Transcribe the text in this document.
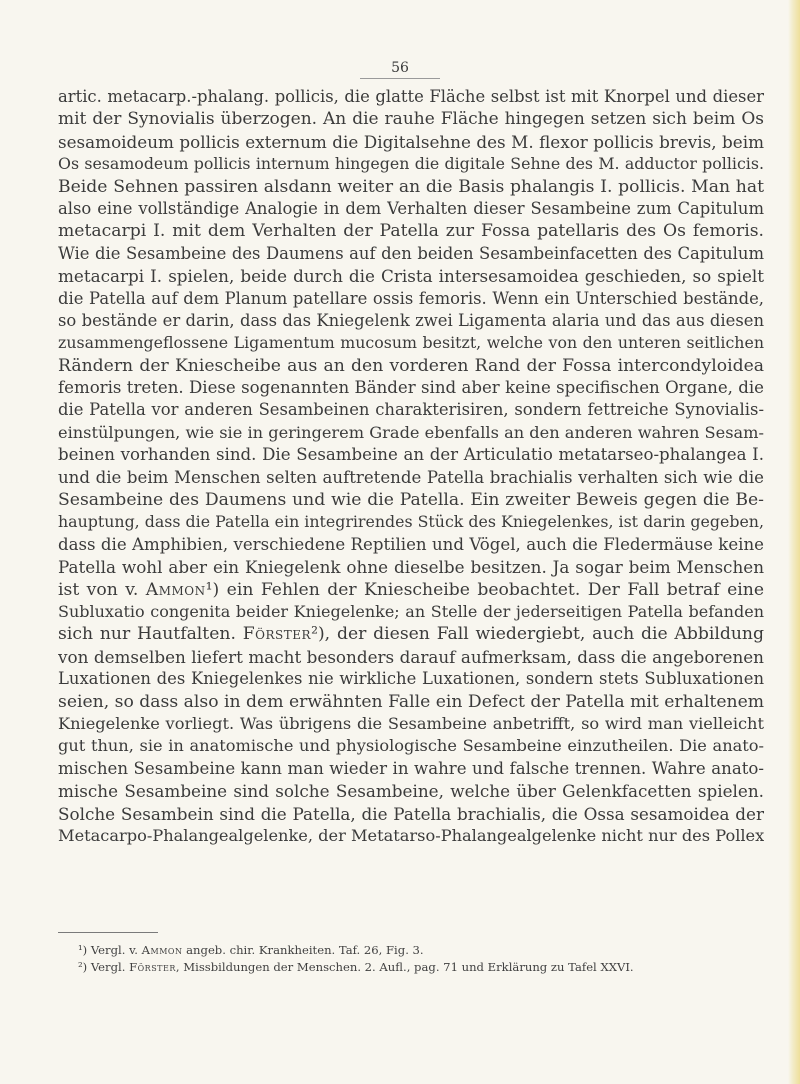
56
artic. metacarp.-phalang. pollicis, die glatte Fläche selbst ist mit Knorpel und dieser
mit der Synovialis überzogen. An die rauhe Fläche hingegen setzen sich beim Os
sesamoideum pollicis externum die Digitalsehne des M. flexor pollicis brevis, beim
Os sesamodeum pollicis internum hingegen die digitale Sehne des M. adductor pollicis.
Beide Sehnen passiren alsdann weiter an die Basis phalangis I. pollicis. Man hat
also eine vollständige Analogie in dem Verhalten dieser Sesambeine zum Capitulum
metacarpi I. mit dem Verhalten der Patella zur Fossa patellaris des Os femoris.
Wie die Sesambeine des Daumens auf den beiden Sesambeinfacetten des Capitulum
metacarpi I. spielen, beide durch die Crista intersesamoidea geschieden, so spielt
die Patella auf dem Planum patellare ossis femoris. Wenn ein Unterschied bestände,
so bestände er darin, dass das Kniegelenk zwei Ligamenta alaria und das aus diesen
zusammengeflossene Ligamentum mucosum besitzt, welche von den unteren seitlichen
Rändern der Kniescheibe aus an den vorderen Rand der Fossa intercondyloidea
femoris treten. Diese sogenannten Bänder sind aber keine specifischen Organe, die
die Patella vor anderen Sesambeinen charakterisiren, sondern fettreiche Synovialis-
einstülpungen, wie sie in geringerem Grade ebenfalls an den anderen wahren Sesam-
beinen vorhanden sind. Die Sesambeine an der Articulatio metatarseo-phalangea I.
und die beim Menschen selten auftretende Patella brachialis verhalten sich wie die
Sesambeine des Daumens und wie die Patella. Ein zweiter Beweis gegen die Be-
hauptung, dass die Patella ein integrirendes Stück des Kniegelenkes, ist darin gegeben,
dass die Amphibien, verschiedene Reptilien und Vögel, auch die Fledermäuse keine
Patella wohl aber ein Kniegelenk ohne dieselbe besitzen. Ja sogar beim Menschen
ist von v. Ammon¹) ein Fehlen der Kniescheibe beobachtet. Der Fall betraf eine
Subluxatio congenita beider Kniegelenke; an Stelle der jederseitigen Patella befanden
sich nur Hautfalten. Förster²), der diesen Fall wiedergiebt, auch die Abbildung
von demselben liefert macht besonders darauf aufmerksam, dass die angeborenen
Luxationen des Kniegelenkes nie wirkliche Luxationen, sondern stets Subluxationen
seien, so dass also in dem erwähnten Falle ein Defect der Patella mit erhaltenem
Kniegelenke vorliegt. Was übrigens die Sesambeine anbetrifft, so wird man vielleicht
gut thun, sie in anatomische und physiologische Sesambeine einzutheilen. Die anato-
mischen Sesambeine kann man wieder in wahre und falsche trennen. Wahre anato-
mische Sesambeine sind solche Sesambeine, welche über Gelenkfacetten spielen.
Solche Sesambein sind die Patella, die Patella brachialis, die Ossa sesamoidea der
Metacarpo-Phalangealgelenke, der Metatarso-Phalangealgelenke nicht nur des Pollex
¹) Vergl. v. Ammon angeb. chir. Krankheiten. Taf. 26, Fig. 3.
²) Vergl. Förster, Missbildungen der Menschen. 2. Aufl., pag. 71 und Erklärung zu Tafel XXVI.
